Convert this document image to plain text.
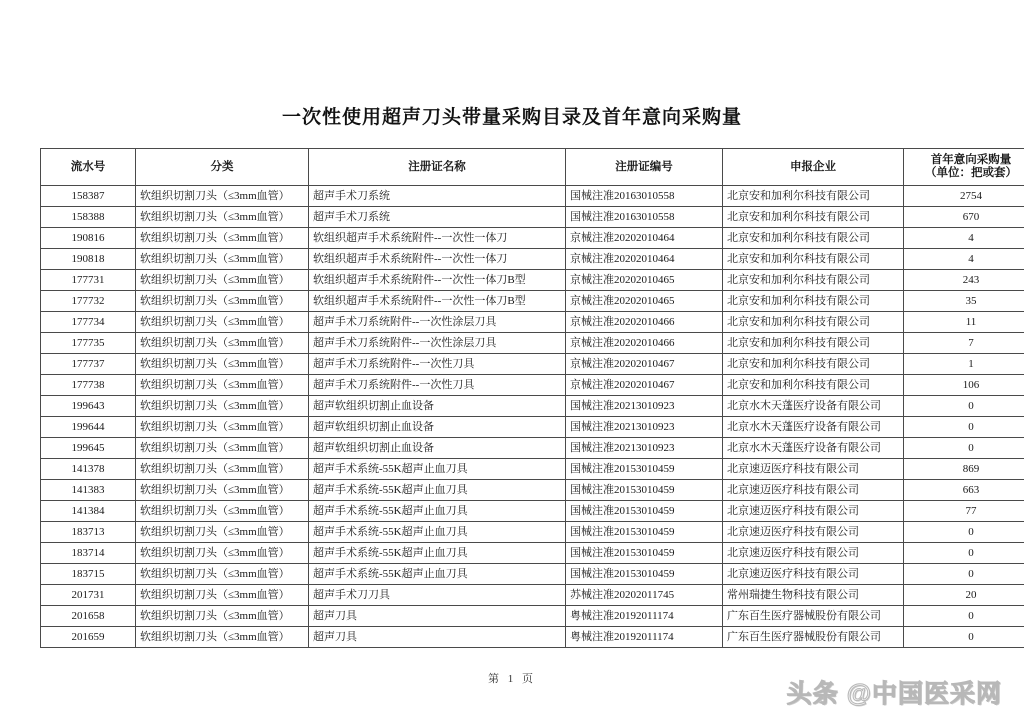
一次性使用超声刀头带量采购目录及首年意向采购量
流水号	分类	注册证名称	注册证编号	申报企业	首年意向采购量
（单位：把或套）

158387	软组织切割刀头（≤3mm血管）	超声手术刀系统	国械注准20163010558	北京安和加利尔科技有限公司	2754
158388	软组织切割刀头（≤3mm血管）	超声手术刀系统	国械注准20163010558	北京安和加利尔科技有限公司	670
190816	软组织切割刀头（≤3mm血管）	软组织超声手术系统附件--一次性一体刀	京械注准20202010464	北京安和加利尔科技有限公司	4
190818	软组织切割刀头（≤3mm血管）	软组织超声手术系统附件--一次性一体刀	京械注准20202010464	北京安和加利尔科技有限公司	4
177731	软组织切割刀头（≤3mm血管）	软组织超声手术系统附件--一次性一体刀B型	京械注准20202010465	北京安和加利尔科技有限公司	243
177732	软组织切割刀头（≤3mm血管）	软组织超声手术系统附件--一次性一体刀B型	京械注准20202010465	北京安和加利尔科技有限公司	35
177734	软组织切割刀头（≤3mm血管）	超声手术刀系统附件--一次性涂层刀具	京械注准20202010466	北京安和加利尔科技有限公司	11
177735	软组织切割刀头（≤3mm血管）	超声手术刀系统附件--一次性涂层刀具	京械注准20202010466	北京安和加利尔科技有限公司	7
177737	软组织切割刀头（≤3mm血管）	超声手术刀系统附件--一次性刀具	京械注准20202010467	北京安和加利尔科技有限公司	1
177738	软组织切割刀头（≤3mm血管）	超声手术刀系统附件--一次性刀具	京械注准20202010467	北京安和加利尔科技有限公司	106
199643	软组织切割刀头（≤3mm血管）	超声软组织切割止血设备	国械注准20213010923	北京水木天蓬医疗设备有限公司	0
199644	软组织切割刀头（≤3mm血管）	超声软组织切割止血设备	国械注准20213010923	北京水木天蓬医疗设备有限公司	0
199645	软组织切割刀头（≤3mm血管）	超声软组织切割止血设备	国械注准20213010923	北京水木天蓬医疗设备有限公司	0
141378	软组织切割刀头（≤3mm血管）	超声手术系统-55K超声止血刀具	国械注准20153010459	北京速迈医疗科技有限公司	869
141383	软组织切割刀头（≤3mm血管）	超声手术系统-55K超声止血刀具	国械注准20153010459	北京速迈医疗科技有限公司	663
141384	软组织切割刀头（≤3mm血管）	超声手术系统-55K超声止血刀具	国械注准20153010459	北京速迈医疗科技有限公司	77
183713	软组织切割刀头（≤3mm血管）	超声手术系统-55K超声止血刀具	国械注准20153010459	北京速迈医疗科技有限公司	0
183714	软组织切割刀头（≤3mm血管）	超声手术系统-55K超声止血刀具	国械注准20153010459	北京速迈医疗科技有限公司	0
183715	软组织切割刀头（≤3mm血管）	超声手术系统-55K超声止血刀具	国械注准20153010459	北京速迈医疗科技有限公司	0
201731	软组织切割刀头（≤3mm血管）	超声手术刀刀具	苏械注准20202011745	常州瑞捷生物科技有限公司	20
201658	软组织切割刀头（≤3mm血管）	超声刀具	粤械注准20192011174	广东百生医疗器械股份有限公司	0
201659	软组织切割刀头（≤3mm血管）	超声刀具	粤械注准20192011174	广东百生医疗器械股份有限公司	0
第 1 页
头条 @中国医采网
